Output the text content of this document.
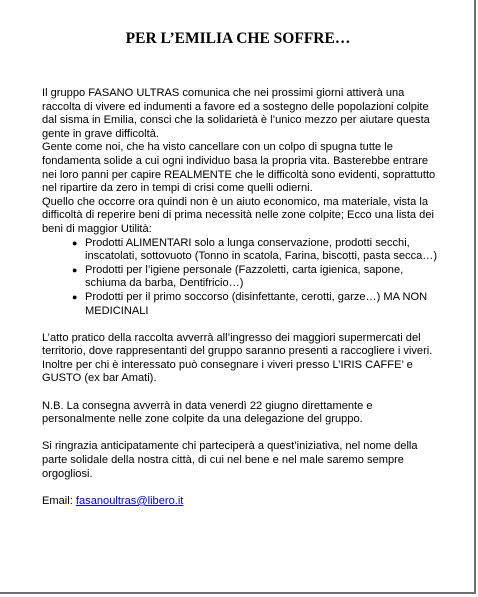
PER L’EMILIA CHE SOFFRE…

Il gruppo FASANO ULTRAS comunica che nei prossimi giorni attiverà una raccolta di vivere ed indumenti a favore ed a sostegno delle popolazioni colpite dal sisma in Emilia, consci che la solidarietà è l’unico mezzo per aiutare questa gente in grave difficoltà.

Gente come noi, che ha visto cancellare con un colpo di spugna tutte le fondamenta solide a cui ogni individuo basa la propria vita. Basterebbe entrare nei loro panni per capire REALMENTE che le difficoltà sono evidenti, soprattutto nel ripartire da zero in tempi di crisi come quelli odierni.

Quello che occorre ora quindi non è un aiuto economico, ma materiale, vista la difficoltà di reperire beni di prima necessità nelle zone colpite; Ecco una lista dei beni di maggior Utilità:

● Prodotti ALIMENTARI solo a lunga conservazione, prodotti secchi, inscatolati, sottovuoto (Tonno in scatola, Farina, biscotti, pasta secca…)
● Prodotti per l’igiene personale (Fazzoletti, carta igienica, sapone, schiuma da barba, Dentifricio…)
● Prodotti per il primo soccorso (disinfettante, cerotti, garze…) MA NON MEDICINALI

L’atto pratico della raccolta avverrà all’ingresso dei maggiori supermercati del territorio, dove rappresentanti del gruppo saranno presenti a raccogliere i viveri.

Inoltre per chi è interessato può consegnare i viveri presso L’IRIS CAFFE’ e GUSTO (ex bar Amati).

N.B. La consegna avverrà in data venerdì 22 giugno direttamente e personalmente nelle zone colpite da una delegazione del gruppo.

Si ringrazia anticipatamente chi parteciperà a quest’iniziativa, nel nome della parte solidale della nostra città, di cui nel bene e nel male saremo sempre orgogliosi.

Email: fasanoultras@libero.it
